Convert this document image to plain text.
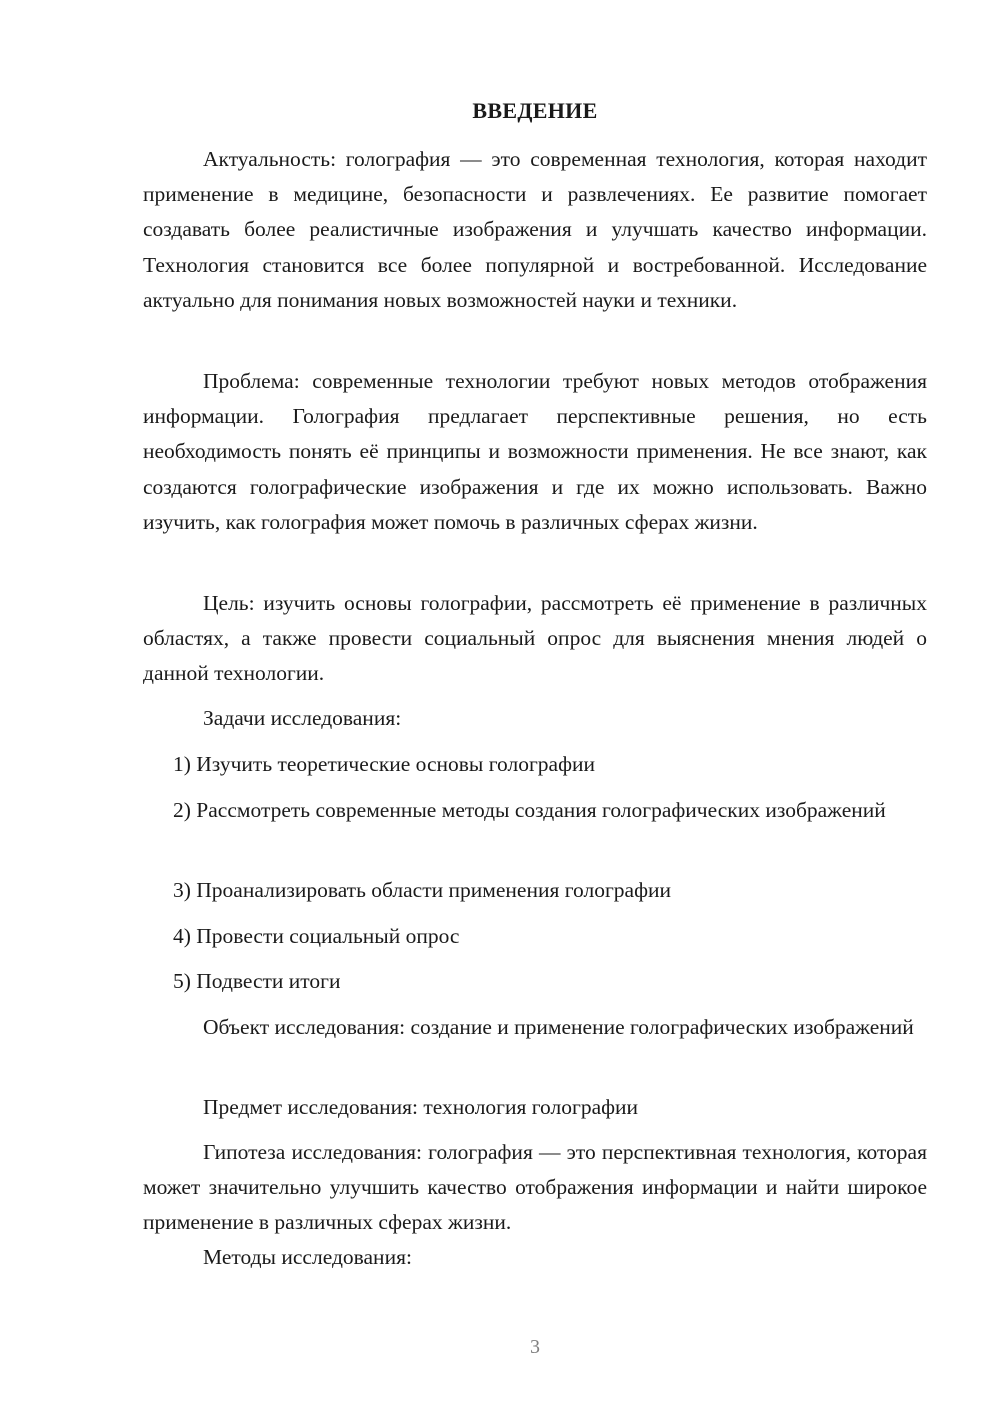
ВВЕДЕНИЕ
Актуальность: голография — это современная технология, которая находит применение в медицине, безопасности и развлечениях. Ее развитие помогает создавать более реалистичные изображения и улучшать качество информации. Технология становится все более популярной и востребованной. Исследование актуально для понимания новых возможностей науки и техники.
Проблема: современные технологии требуют новых методов отображения информации. Голография предлагает перспективные решения, но есть необходимость понять её принципы и возможности применения. Не все знают, как создаются голографические изображения и где их можно использовать. Важно изучить, как голография может помочь в различных сферах жизни.
Цель: изучить основы голографии, рассмотреть её применение в различных областях, а также провести социальный опрос для выяснения мнения людей о данной технологии.
Задачи исследования:
1) Изучить теоретические основы голографии
2) Рассмотреть современные методы создания голографических изображений
3) Проанализировать области применения голографии
4) Провести социальный опрос
5) Подвести итоги
Объект исследования: создание и применение голографических изображений
Предмет исследования: технология голографии
Гипотеза исследования: голография — это перспективная технология, которая может значительно улучшить качество отображения информации и найти широкое применение в различных сферах жизни.
Методы исследования:
3
